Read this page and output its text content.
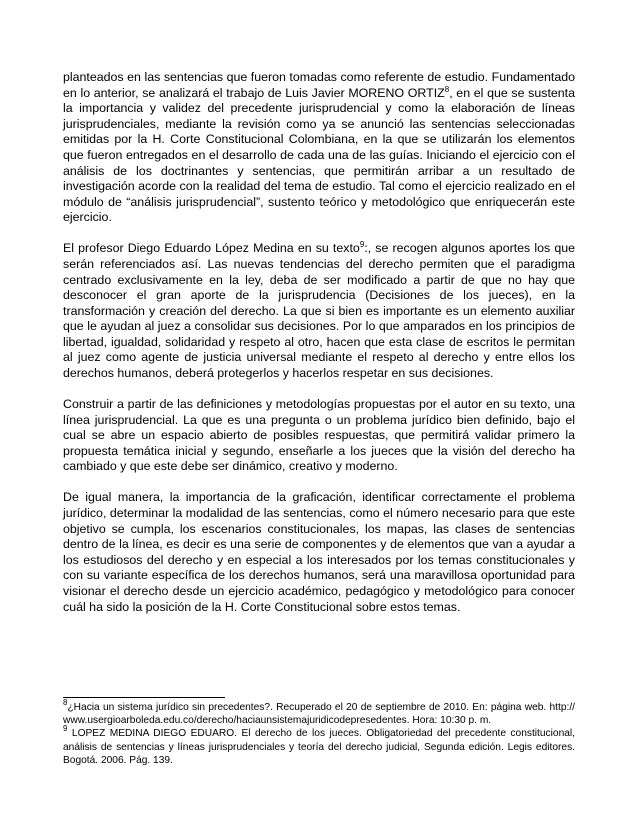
planteados en las sentencias que fueron tomadas como referente de estudio. Fundamentado en lo anterior, se analizará el trabajo de Luis Javier MORENO ORTIZ$^8$, en el que se sustenta la importancia y validez del precedente jurisprudencial y como la elaboración de líneas jurisprudenciales, mediante la revisión como ya se anunció las sentencias seleccionadas emitidas por la H. Corte Constitucional Colombiana, en la que se utilizarán los elementos que fueron entregados en el desarrollo de cada una de las guías. Iniciando el ejercicio con el análisis de los doctrinantes y sentencias, que permitirán arribar a un resultado de investigación acorde con la realidad del tema de estudio. Tal como el ejercicio realizado en el módulo de “análisis jurisprudencial”, sustento teórico y metodológico que enriquecerán este ejercicio.

El profesor Diego Eduardo López Medina en su texto$^9$:, se recogen algunos aportes los que serán referenciados así. Las nuevas tendencias del derecho permiten que el paradigma centrado exclusivamente en la ley, deba de ser modificado a partir de que no hay que desconocer el gran aporte de la jurisprudencia (Decisiones de los jueces), en la transformación y creación del derecho. La que si bien es importante es un elemento auxiliar que le ayudan al juez a consolidar sus decisiones. Por lo que amparados en los principios de libertad, igualdad, solidaridad y respeto al otro, hacen que esta clase de escritos le permitan al juez como agente de justicia universal mediante el respeto al derecho y entre ellos los derechos humanos, deberá protegerlos y hacerlos respetar en sus decisiones.

Construir a partir de las definiciones y metodologías propuestas por el autor en su texto, una línea jurisprudencial. La que es una pregunta o un problema jurídico bien definido, bajo el cual se abre un espacio abierto de posibles respuestas, que permitirá validar primero la propuesta temática inicial y segundo, enseñarle a los jueces que la visión del derecho ha cambiado y que este debe ser dinámico, creativo y moderno.

De igual manera, la importancia de la graficación, identificar correctamente el problema jurídico, determinar la modalidad de las sentencias, como el número necesario para que este objetivo se cumpla, los escenarios constitucionales, los mapas, las clases de sentencias dentro de la línea, es decir es una serie de componentes y de elementos que van a ayudar a los estudiosos del derecho y en especial a los interesados por los temas constitucionales y con su variante específica de los derechos humanos, será una maravillosa oportunidad para visionar el derecho desde un ejercicio académico, pedagógico y metodológico para conocer cuál ha sido la posición de la H. Corte Constitucional sobre estos temas.

$^8$¿Hacia un sistema jurídico sin precedentes?. Recuperado el 20 de septiembre de 2010. En: página web. http://www.usergioarboleda.edu.co/derecho/haciaunsistemajuridicodepresedentes. Hora: 10:30 p. m.

$^9$ LOPEZ MEDINA DIEGO EDUARO. El derecho de los jueces. Obligatoriedad del precedente constitucional, análisis de sentencias y líneas jurisprudenciales y teoría del derecho judicial, Segunda edición. Legis editores. Bogotá. 2006. Pág. 139.
